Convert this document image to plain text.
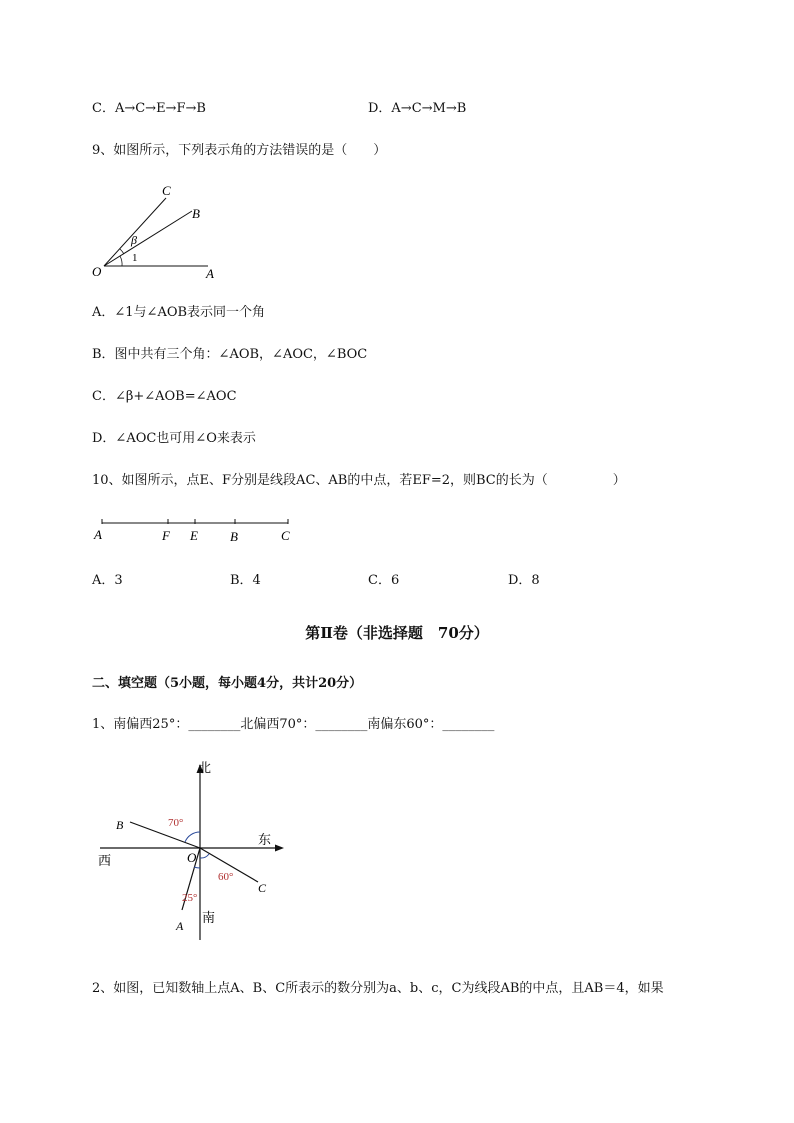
C．A→C→E→F→B	D．A→C→M→B
9、如图所示，下列表示角的方法错误的是（　　）
O	A
B
C
β
1
A．∠1与∠AOB表示同一个角
B．图中共有三个角：∠AOB，∠AOC，∠BOC
C．∠β+∠AOB=∠AOC
D．∠AOC也可用∠O来表示
10、如图所示，点E、F分别是线段AC、AB的中点，若EF=2，则BC的长为（　　　　　）
A	F E B	C
A．3	B．4	C．6	D．8
第Ⅱ卷（非选择题　70分）
二、填空题（5小题，每小题4分，共计20分）
1、南偏西25°：________北偏西70°：________南偏东60°：________
北
南
东
西	O
B
C
A
70°
60°
25°
2、如图，已知数轴上点A、B、C所表示的数分别为a、b、c，C为线段AB的中点，且AB＝4，如果
